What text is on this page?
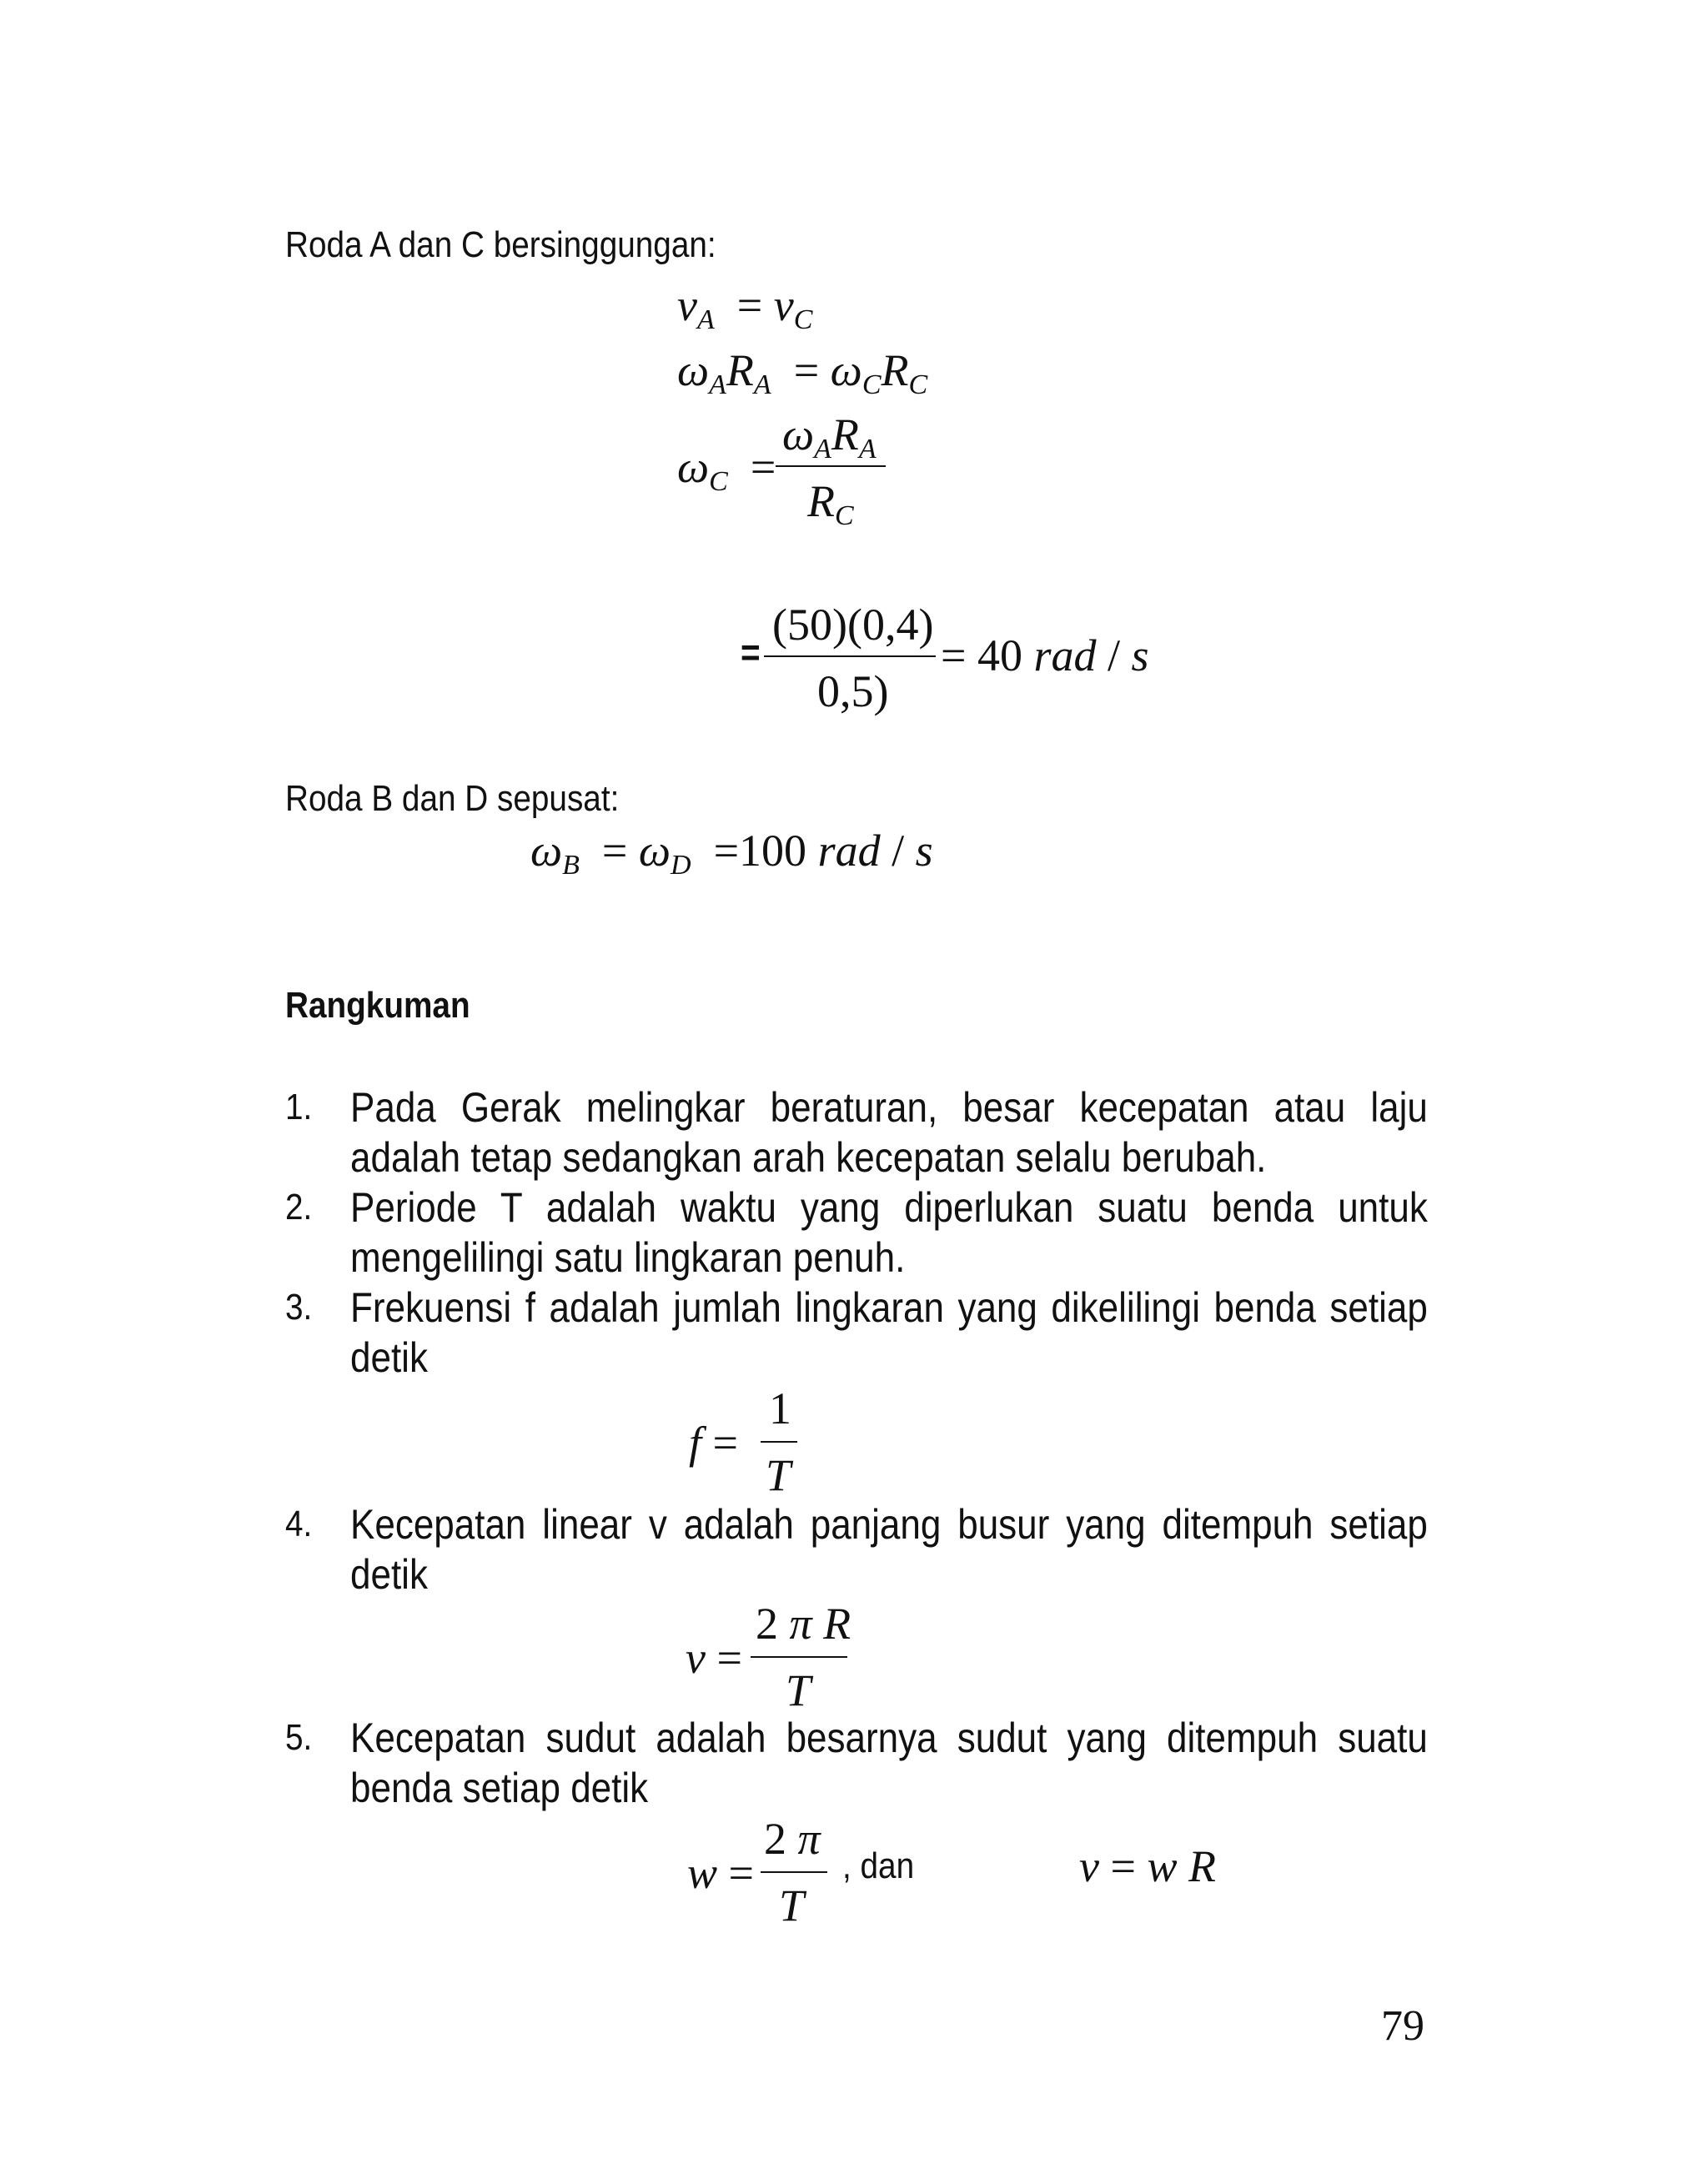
Roda A dan C bersinggungan:
$v_A = v_C$
$\omega_AR_A = \omega_CR_C$
$\omega_C$  =
$\omega_AR_A$
$R_C$
=
(50)(0,4)
0,5)
= 40 rad / s
Roda B dan D sepusat:
$\omega_B = \omega_D =100$ rad / s
Rangkuman
1. Pada Gerak melingkar beraturan, besar kecepatan atau laju adalah tetap sedangkan arah kecepatan selalu berubah.
2. Periode T adalah waktu yang diperlukan suatu benda untuk mengelilingi satu lingkaran penuh.
3. Frekuensi f adalah jumlah lingkaran yang dikelilingi benda setiap detik
f =
1
T
4. Kecepatan linear v adalah panjang busur yang ditempuh setiap detik
v =
2 π R
T
5. Kecepatan sudut adalah besarnya sudut yang ditempuh suatu benda setiap detik
w =
2 π
T
, dan	v = w R
79
